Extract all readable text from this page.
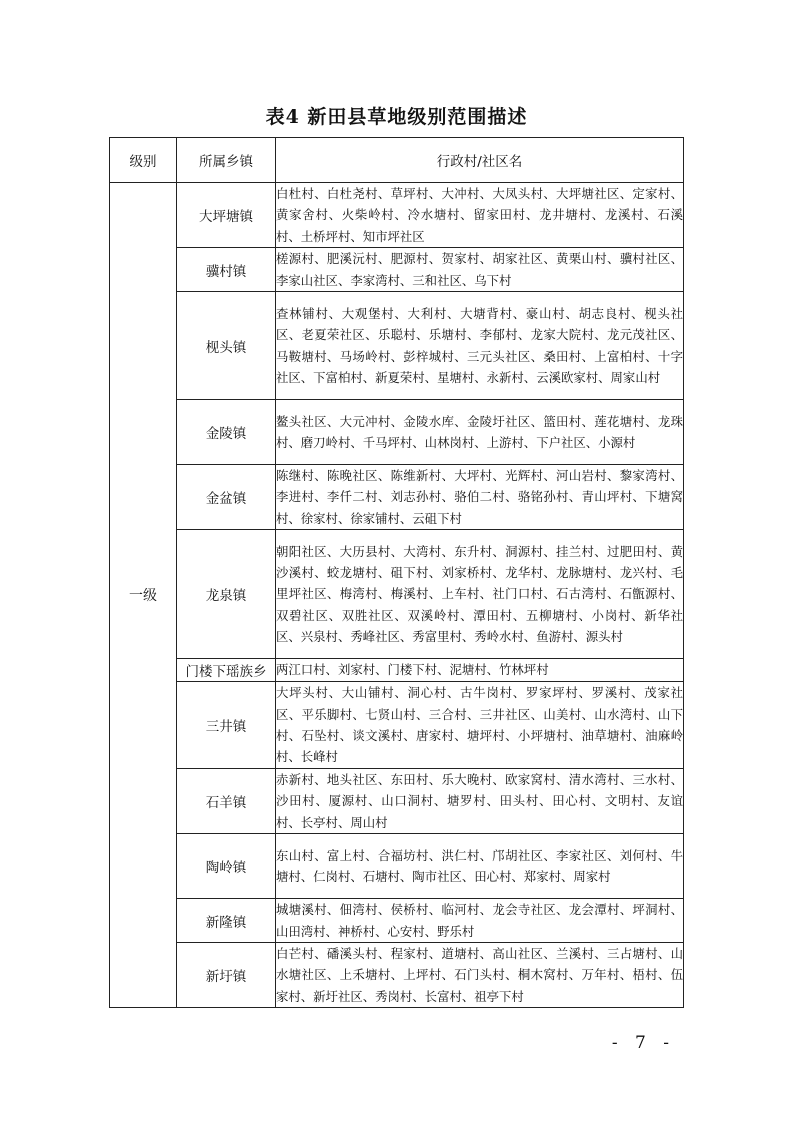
表4 新田县草地级别范围描述
级别	所属乡镇	行政村/社区名
一级	大坪塘镇	白杜村、白杜尧村、草坪村、大冲村、大凤头村、大坪塘社区、定家村、黄家舍村、火柴岭村、冷水塘村、留家田村、龙井塘村、龙溪村、石溪村、土桥坪村、知市坪社区
	骥村镇	槎源村、肥溪沅村、肥源村、贺家村、胡家社区、黄栗山村、骥村社区、李家山社区、李家湾村、三和社区、乌下村
	枧头镇	查林铺村、大观堡村、大利村、大塘背村、豪山村、胡志良村、枧头社区、老夏荣社区、乐聪村、乐塘村、李郁村、龙家大院村、龙元茂社区、马鞍塘村、马场岭村、彭梓城村、三元头社区、桑田村、上富柏村、十字社区、下富柏村、新夏荣村、星塘村、永新村、云溪欧家村、周家山村
	金陵镇	鳌头社区、大元冲村、金陵水库、金陵圩社区、篮田村、莲花塘村、龙珠村、磨刀岭村、千马坪村、山林岗村、上游村、下户社区、小源村
	金盆镇	陈继村、陈晚社区、陈维新村、大坪村、光辉村、河山岩村、黎家湾村、李进村、李仟二村、刘志孙村、骆伯二村、骆铭孙村、青山坪村、下塘窝村、徐家村、徐家铺村、云砠下村
	龙泉镇	朝阳社区、大历县村、大湾村、东升村、洞源村、挂兰村、过肥田村、黄沙溪村、蛟龙塘村、砠下村、刘家桥村、龙华村、龙脉塘村、龙兴村、毛里坪社区、梅湾村、梅溪村、上车村、社门口村、石古湾村、石甑源村、双碧社区、双胜社区、双溪岭村、潭田村、五柳塘村、小岗村、新华社区、兴泉村、秀峰社区、秀富里村、秀岭水村、鱼游村、源头村
	门楼下瑶族乡	两江口村、刘家村、门楼下村、泥塘村、竹林坪村
	三井镇	大坪头村、大山铺村、洞心村、古牛岗村、罗家坪村、罗溪村、茂家社区、平乐脚村、七贤山村、三合村、三井社区、山美村、山水湾村、山下村、石坠村、谈文溪村、唐家村、塘坪村、小坪塘村、油草塘村、油麻岭村、长峰村
	石羊镇	赤新村、地头社区、东田村、乐大晚村、欧家窝村、清水湾村、三水村、沙田村、厦源村、山口洞村、塘罗村、田头村、田心村、文明村、友谊村、长亭村、周山村
	陶岭镇	东山村、富上村、合福坊村、洪仁村、邝胡社区、李家社区、刘何村、牛塘村、仁岗村、石塘村、陶市社区、田心村、郑家村、周家村
	新隆镇	城塘溪村、佃湾村、侯桥村、临河村、龙会寺社区、龙会潭村、坪洞村、山田湾村、神桥村、心安村、野乐村
	新圩镇	白芒村、磻溪头村、程家村、道塘村、高山社区、兰溪村、三占塘村、山水塘社区、上禾塘村、上坪村、石门头村、桐木窝村、万年村、梧村、伍家村、新圩社区、秀岗村、长富村、祖亭下村
- 7 -
